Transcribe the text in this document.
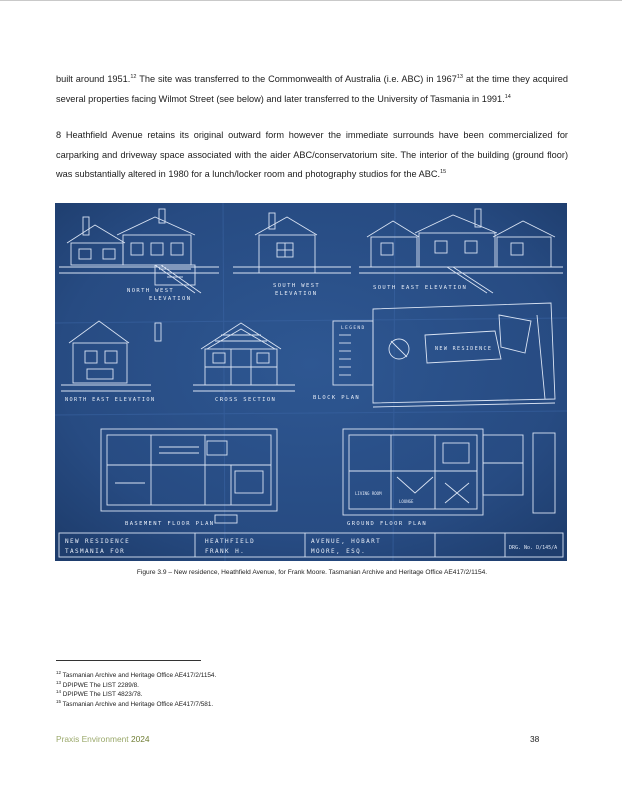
built around 1951.12 The site was transferred to the Commonwealth of Australia (i.e. ABC) in 1967$^{13}$ at the time they acquired several properties facing Wilmot Street (see below) and later transferred to the University of Tasmania in 1991.14

8 Heathfield Avenue retains its original outward form however the immediate surrounds have been commercialized for carparking and driveway space associated with the aider ABC/conservatorium site. The interior of the building (ground floor) was substantially altered in 1980 for a lunch/locker room and photography studios for the ABC.$^{15}$

NORTH WEST
ELEVATION
SOUTH WEST
ELEVATION
SOUTH EAST ELEVATION
NORTH EAST ELEVATION	CROSS SECTION
LEGEND
NEW RESIDENCE
BLOCK PLAN
LIVING ROOM
LOUNGE
BASEMENT FLOOR PLAN	GROUND FLOOR PLAN
NEW RESIDENCE
TASMANIA FOR
HEATHFIELD
FRANK H.
AVENUE, HOBART
MOORE, ESQ.	DRG. No. D/145/A
Figure 3.9 – New residence, Heathfield Avenue, for Frank Moore. Tasmanian Archive and Heritage Office AE417/2/1154.

$^{12}$ Tasmanian Archive and Heritage Office AE417/2/1154.

$^{13}$ DPIPWE The LIST 2289/8.

$^{14}$ DPIPWE The LIST 4823/78.

$^{15}$ Tasmanian Archive and Heritage Office AE417/7/581.

Praxis Environment 2024	38
